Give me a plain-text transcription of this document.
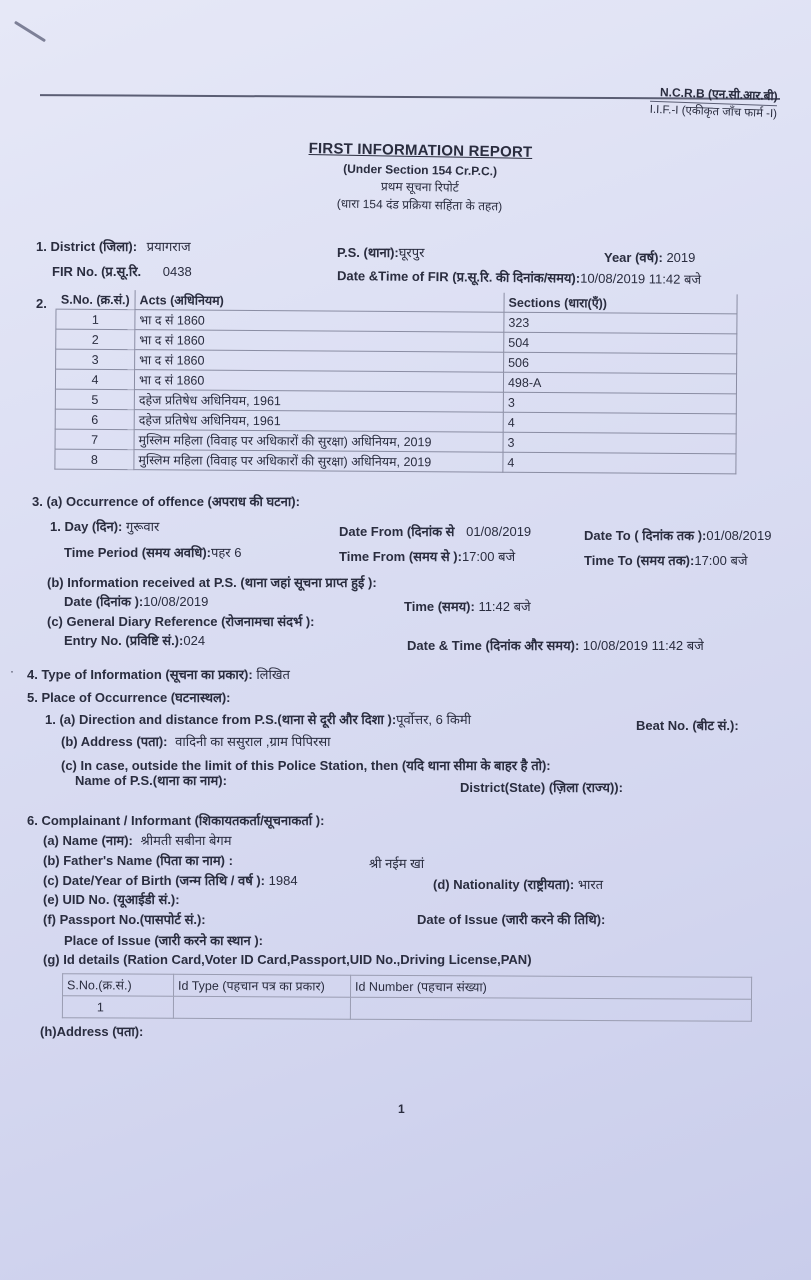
N.C.R.B (एन.सी.आर.बी)
I.I.F.-I (एकीकृत जाँच फार्म -I)
FIRST INFORMATION REPORT
(Under Section 154 Cr.P.C.)
प्रथम सूचना रिपोर्ट
(धारा 154 दंड प्रक्रिया सहिंता के तहत)
1. District (जिला): प्रयागराज	P.S. (थाना):घूरपुर	Year (वर्ष): 2019
FIR No. (प्र.सू.रि. 0438	Date &Time of FIR (प्र.सू.रि. की दिनांक/समय):10/08/2019 11:42 बजे
2. S.No. (क्र.सं.)	Acts (अधिनियम)	Sections (धारा(एँ))
1	भा द सं 1860	323
2	भा द सं 1860	504
3	भा द सं 1860	506
4	भा द सं 1860	498-A
5	दहेज प्रतिषेध अधिनियम, 1961	3
6	दहेज प्रतिषेध अधिनियम, 1961	4
7	मुस्लिम महिला (विवाह पर अधिकारों की सुरक्षा) अधिनियम, 2019	3
8	मुस्लिम महिला (विवाह पर अधिकारों की सुरक्षा) अधिनियम, 2019	4
3. (a) Occurrence of offence (अपराध की घटना):
1. Day (दिन): गुरूवार	Date From (दिनांक से 01/08/2019	Date To ( दिनांक तक ):01/08/2019
Time Period (समय अवधि):पहर 6	Time From (समय से ):17:00 बजे	Time To (समय तक):17:00 बजे
(b) Information received at P.S. (थाना जहां सूचना प्राप्त हुई ):
Date (दिनांक ):10/08/2019	Time (समय): 11:42 बजे
(c) General Diary Reference (रोजनामचा संदर्भ ):
Entry No. (प्रविष्टि सं.):024	Date & Time (दिनांक और समय): 10/08/2019 11:42 बजे
· 4. Type of Information (सूचना का प्रकार): लिखित
5. Place of Occurrence (घटनास्थल):
1. (a) Direction and distance from P.S.(थाना से दूरी और दिशा ):पूर्वोत्तर, 6 किमी	Beat No. (बीट सं.):
(b) Address (पता): वादिनी का ससुराल ,ग्राम पिपिरसा
(c) In case, outside the limit of this Police Station, then (यदि थाना सीमा के बाहर है तो):
Name of P.S.(थाना का नाम):	District(State) (ज़िला (राज्य)):
6. Complainant / Informant (शिकायतकर्ता/सूचनाकर्ता ):
(a) Name (नाम): श्रीमती सबीना बेगम
(b) Father's Name (पिता का नाम) :	श्री नईम खां
(c) Date/Year of Birth (जन्म तिथि / वर्ष ): 1984	(d) Nationality (राष्ट्रीयता): भारत
(e) UID No. (यूआईडी सं.):
(f) Passport No.(पासपोर्ट सं.):	Date of Issue (जारी करने की तिथि):
Place of Issue (जारी करने का स्थान ):
(g) Id details (Ration Card,Voter ID Card,Passport,UID No.,Driving License,PAN)
S.No.(क्र.सं.)	Id Type (पहचान पत्र का प्रकार)	Id Number (पहचान संख्या)
1		
(h)Address (पता):
1
